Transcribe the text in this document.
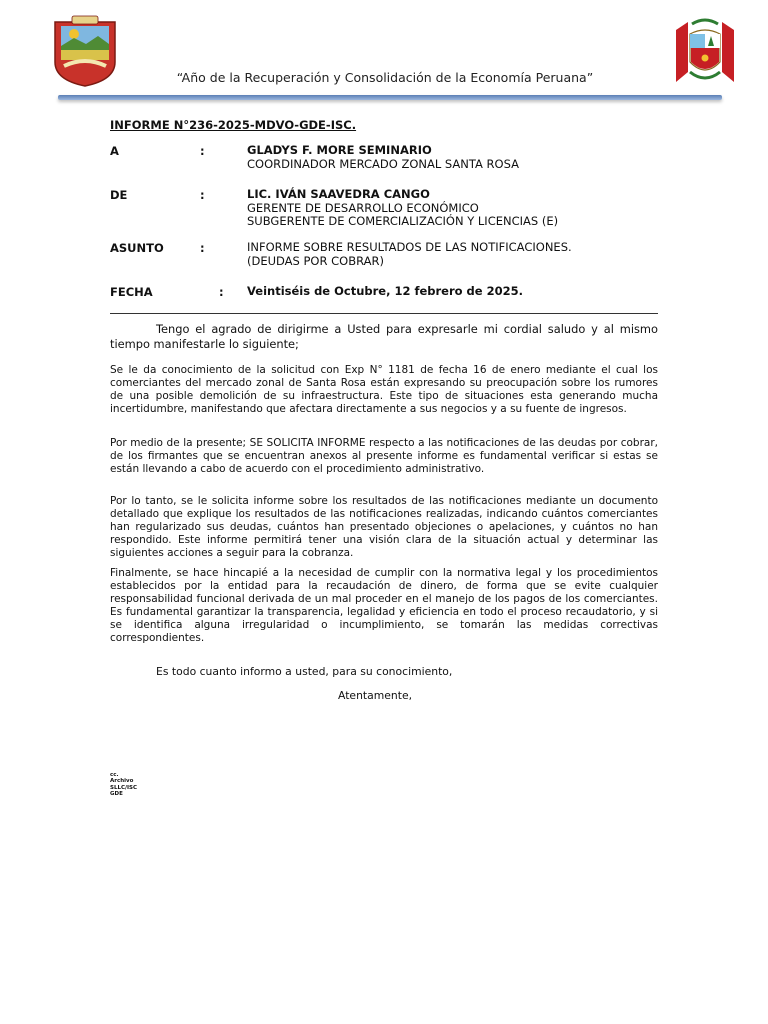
“Año de la Recuperación y Consolidación de la Economía Peruana”
INFORME N°236-2025-MDVO-GDE-ISC.
A	:	GLADYS F. MORE SEMINARIO
COORDINADOR MERCADO ZONAL SANTA ROSA
DE	:	LIC. IVÁN SAAVEDRA CANGO
GERENTE DE DESARROLLO ECONÓMICO
SUBGERENTE DE COMERCIALIZACIÓN Y LICENCIAS (E)
ASUNTO	:	INFORME SOBRE RESULTADOS DE LAS NOTIFICACIONES.
(DEUDAS POR COBRAR)
FECHA	: Veintiséis de Octubre, 12 febrero de 2025.
Tengo el agrado de dirigirme a Usted para expresarle mi cordial saludo y al mismo tiempo manifestarle lo siguiente;
Se le da conocimiento de la solicitud con Exp N° 1181 de fecha 16 de enero mediante el cual los comerciantes del mercado zonal de Santa Rosa están expresando su preocupación sobre los rumores de una posible demolición de su infraestructura. Este tipo de situaciones esta generando mucha incertidumbre, manifestando que afectara directamente a sus negocios y a su fuente de ingresos.
Por medio de la presente; SE SOLICITA INFORME respecto a las notificaciones de las deudas por cobrar, de los firmantes que se encuentran anexos al presente informe es fundamental verificar si estas se están llevando a cabo de acuerdo con el procedimiento administrativo.
Por lo tanto, se le solicita informe sobre los resultados de las notificaciones mediante un documento detallado que explique los resultados de las notificaciones realizadas, indicando cuántos comerciantes han regularizado sus deudas, cuántos han presentado objeciones o apelaciones, y cuántos no han respondido. Este informe permitirá tener una visión clara de la situación actual y determinar las siguientes acciones a seguir para la cobranza.
Finalmente, se hace hincapié a la necesidad de cumplir con la normativa legal y los procedimientos establecidos por la entidad para la recaudación de dinero, de forma que se evite cualquier responsabilidad funcional derivada de un mal proceder en el manejo de los pagos de los comerciantes. Es fundamental garantizar la transparencia, legalidad y eficiencia en todo el proceso recaudatorio, y si se identifica alguna irregularidad o incumplimiento, se tomarán las medidas correctivas correspondientes.
Es todo cuanto informo a usted, para su conocimiento,
Atentamente,
cc.
Archivo
SLLC/ISC
GDE
